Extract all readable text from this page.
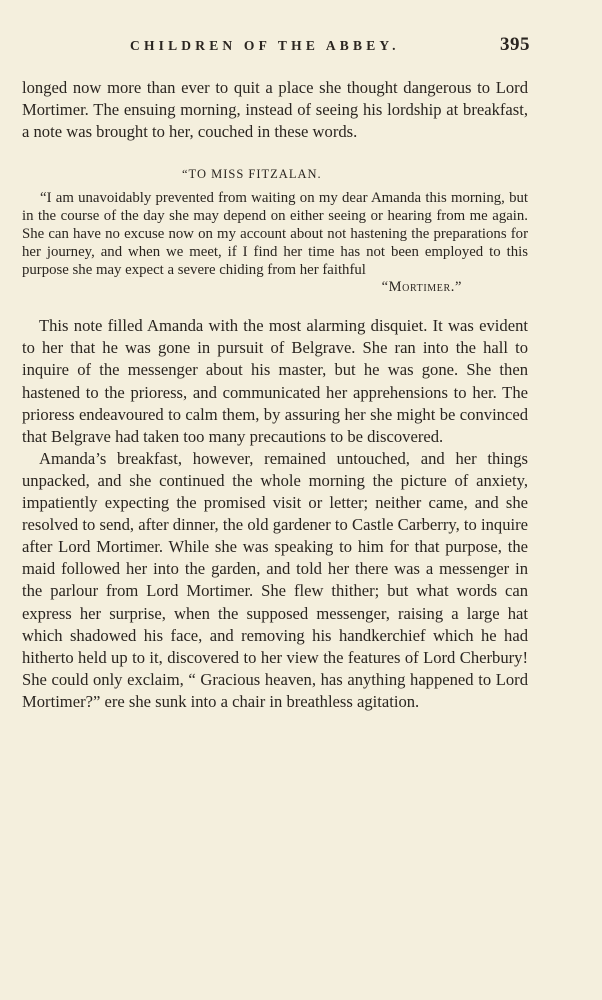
CHILDREN OF THE ABBEY.	395

longed now more than ever to quit a place she thought dangerous to Lord Mortimer. The ensuing morning, instead of seeing his lordship at breakfast, a note was brought to her, couched in these words.

“TO MISS FITZALAN.

“I am unavoidably prevented from waiting on my dear Amanda this morning, but in the course of the day she may depend on either seeing or hearing from me again. She can have no excuse now on my account about not hastening the preparations for her journey, and when we meet, if I find her time has not been employed to this purpose she may expect a severe chiding from her faithful

“Mortimer.”

This note filled Amanda with the most alarming disquiet. It was evident to her that he was gone in pursuit of Belgrave. She ran into the hall to inquire of the messenger about his master, but he was gone. She then hastened to the prioress, and communicated her apprehensions to her. The prioress endeavoured to calm them, by assuring her she might be convinced that Belgrave had taken too many precautions to be discovered.

Amanda’s breakfast, however, remained untouched, and her things unpacked, and she continued the whole morning the picture of anxiety, impatiently expecting the promised visit or letter; neither came, and she resolved to send, after dinner, the old gardener to Castle Carberry, to inquire after Lord Mortimer. While she was speaking to him for that purpose, the maid followed her into the garden, and told her there was a messenger in the parlour from Lord Mortimer. She flew thither; but what words can express her surprise, when the supposed messenger, raising a large hat which shadowed his face, and removing his handkerchief which he had hitherto held up to it, discovered to her view the features of Lord Cherbury! She could only exclaim, “ Gracious heaven, has anything happened to Lord Mortimer?” ere she sunk into a chair in breathless agitation.
